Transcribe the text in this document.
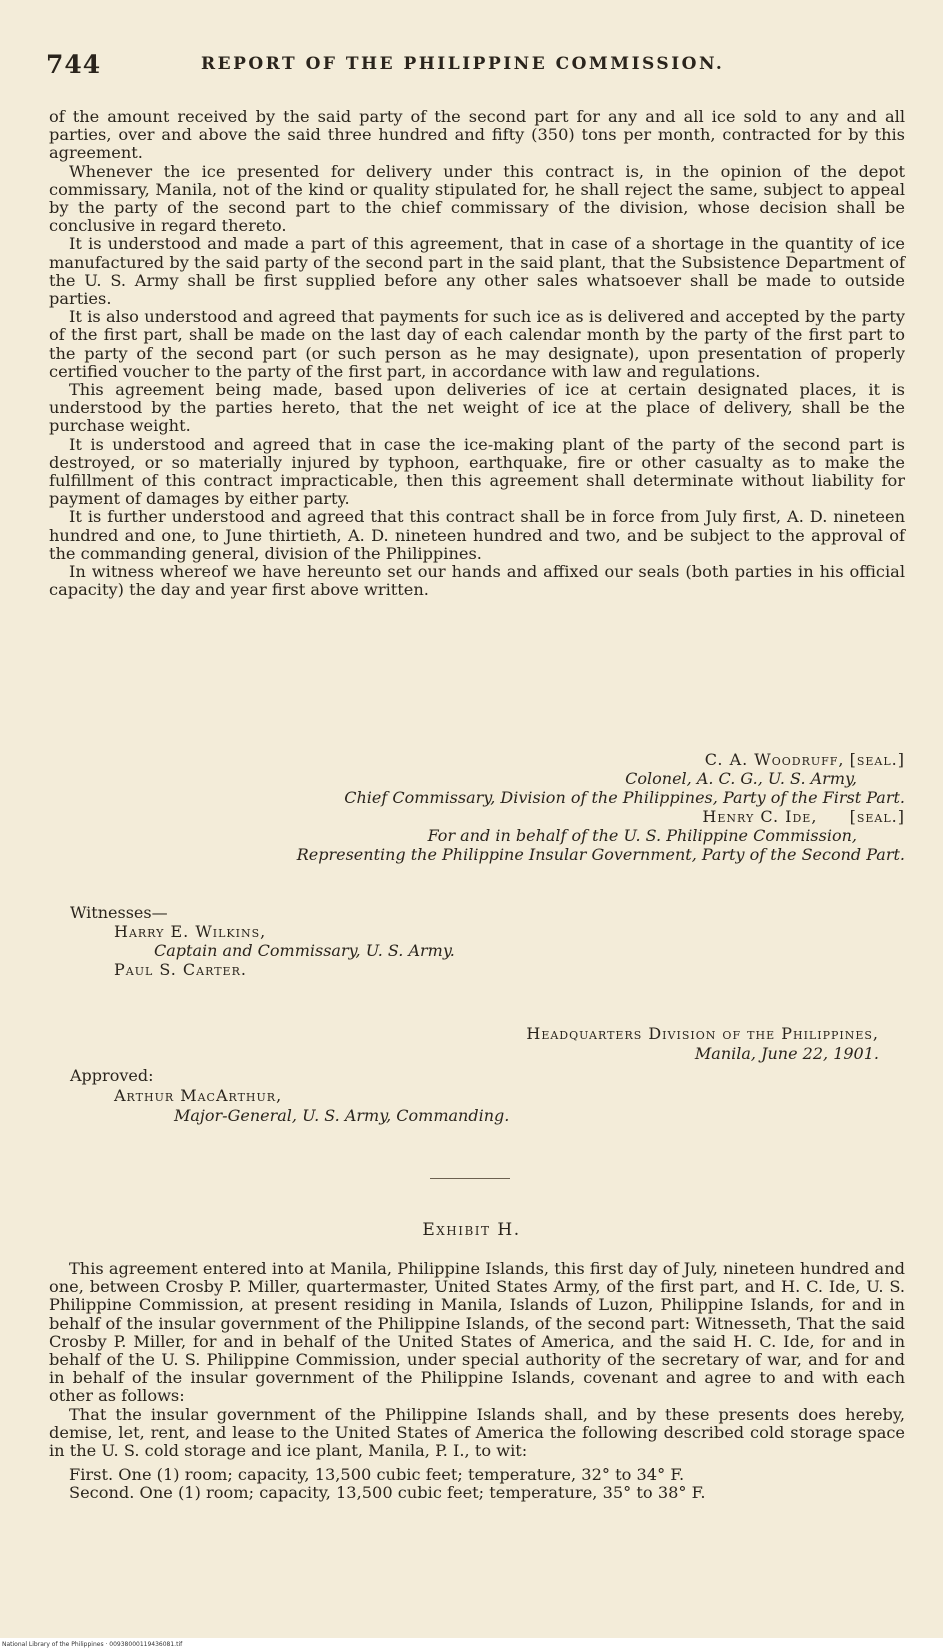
744	REPORT OF THE PHILIPPINE COMMISSION.

of the amount received by the said party of the second part for any and all ice sold to any and all parties, over and above the said three hundred and fifty (350) tons per month, contracted for by this agreement.

Whenever the ice presented for delivery under this contract is, in the opinion of the depot commissary, Manila, not of the kind or quality stipulated for, he shall reject the same, subject to appeal by the party of the second part to the chief commissary of the division, whose decision shall be conclusive in regard thereto.

It is understood and made a part of this agreement, that in case of a shortage in the quantity of ice manufactured by the said party of the second part in the said plant, that the Subsistence Department of the U. S. Army shall be first supplied before any other sales whatsoever shall be made to outside parties.

It is also understood and agreed that payments for such ice as is delivered and accepted by the party of the first part, shall be made on the last day of each calendar month by the party of the first part to the party of the second part (or such person as he may designate), upon presentation of properly certified voucher to the party of the first part, in accordance with law and regulations.

This agreement being made, based upon deliveries of ice at certain designated places, it is understood by the parties hereto, that the net weight of ice at the place of delivery, shall be the purchase weight.

It is understood and agreed that in case the ice-making plant of the party of the second part is destroyed, or so materially injured by typhoon, earthquake, fire or other casualty as to make the fulfillment of this contract impracticable, then this agreement shall determinate without liability for payment of damages by either party.

It is further understood and agreed that this contract shall be in force from July first, A. D. nineteen hundred and one, to June thirtieth, A. D. nineteen hundred and two, and be subject to the approval of the commanding general, division of the Philippines.

In witness whereof we have hereunto set our hands and affixed our seals (both parties in his official capacity) the day and year first above written.

C. A. Woodruff, [seal.]
Colonel, A. C. G., U. S. Army,
Chief Commissary, Division of the Philippines, Party of the First Part.
Henry C. Ide, [seal.]
For and in behalf of the U. S. Philippine Commission,
Representing the Philippine Insular Government, Party of the Second Part.
Witnesses—
Harry E. Wilkins,
Captain and Commissary, U. S. Army.
Paul S. Carter.
Headquarters Division of the Philippines,
Manila, June 22, 1901.
Approved:
Arthur MacArthur,
Major-General, U. S. Army, Commanding.
Exhibit H.

This agreement entered into at Manila, Philippine Islands, this first day of July, nineteen hundred and one, between Crosby P. Miller, quartermaster, United States Army, of the first part, and H. C. Ide, U. S. Philippine Commission, at present residing in Manila, Islands of Luzon, Philippine Islands, for and in behalf of the insular government of the Philippine Islands, of the second part: Witnesseth, That the said Crosby P. Miller, for and in behalf of the United States of America, and the said H. C. Ide, for and in behalf of the U. S. Philippine Commission, under special authority of the secretary of war, and for and in behalf of the insular government of the Philippine Islands, covenant and agree to and with each other as follows:

That the insular government of the Philippine Islands shall, and by these presents does hereby, demise, let, rent, and lease to the United States of America the following described cold storage space in the U. S. cold storage and ice plant, Manila, P. I., to wit:

First. One (1) room; capacity, 13,500 cubic feet; temperature, 32° to 34° F.

Second. One (1) room; capacity, 13,500 cubic feet; temperature, 35° to 38° F.

National Library of the Philippines · 00938000119436081.tif
